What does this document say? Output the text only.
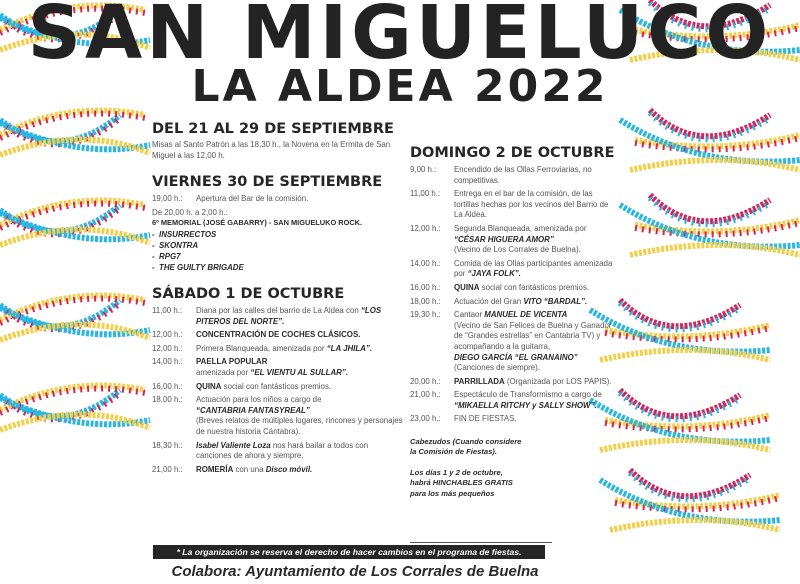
SAN MIGUELUCO
LA ALDEA 2022
DEL 21 AL 29 DE SEPTIEMBRE
Misas al Santo Patrón a las 18,30 h., la Novena en la Ermita de San Miguel a las 12,00 h.
VIERNES 30 DE SEPTIEMBRE
19,00 h.:	Apertura del Bar de la comisión.
De 20,00 h. a 2,00 h.:
6º MEMORIAL (JOSÉ GABARRY) - SAN MIGUELUKO ROCK.
-  INSURRECTOS
-  SKONTRA
-  RPG7
-  THE GUILTY BRIGADE
SÁBADO 1 DE OCTUBRE
11,00 h.:	Diana por las calles del barrio de La Aldea con “LOS PITEROS DEL NORTE”.
12,00 h.:	CONCENTRACIÓN DE COCHES CLÁSICOS.
12,00 h.:	Primera Blanqueada, amenizada por “LA JHILA”.
14,00 h.:	PAELLA POPULAR
amenizada por “EL VIENTU AL SULLAR”.
16,00 h.:	QUINA social con fantásticos premios.
18,00 h.:	Actuación para los niños a cargo de
“CANTABRIA FANTASYREAL”
(Breves relatos de múltiples lugares, rincones y personajes de nuestra historia Cántabra).
18,30 h.:	Isabel Valiente Loza nos hará bailar a todos con canciones de ahora y siempre.
21,00 h.:	ROMERÍA con una Disco móvil.
DOMINGO 2 DE OCTUBRE
9,00 h.:	Encendido de las Ollas Ferroviarias, no competitivas.
11,00 h.:	Entrega en el bar de la comisión, de las tortillas hechas por los vecinos del Barrio de La Aldea.
12,00 h.:	Segunda Blanqueada, amenizada por
“CÉSAR HIGUERA AMOR”
(Vecino de Los Corrales de Buelna).
14,00 h.:	Comida de las Ollas participantes amenizada por “JAYA FOLK”.
16,00 h.:	QUINA social con fantásticos premios.
18,00 h.:	Actuación del Gran VITO “BARDAL”.
19,30 h.:	Cantaor MANUEL DE VICENTA
(Vecino de San Felices de Buelna y Ganador de “Grandes estrellas” en Cantabria TV) y acompañando a la guitarra,
DIEGO GARCÍA “EL GRANAINO”
(Canciones de siempre).
20,00 h.:	PARRILLADA (Organizada por LOS PAPIS).
21,00 h.:	Espectáculo de Transformismo a cargo de
“MIKAELLA RITCHY y SALLY SHOW”.
23,00 h.:	FIN DE FIESTAS.
Cabezudos (Cuando considere la Comisión de Fiestas).
Los días 1 y 2 de octubre, habrá HINCHABLES GRATIS para los más pequeños
* La organización se reserva el derecho de hacer cambios en el programa de fiestas.
Colabora: Ayuntamiento de Los Corrales de Buelna
